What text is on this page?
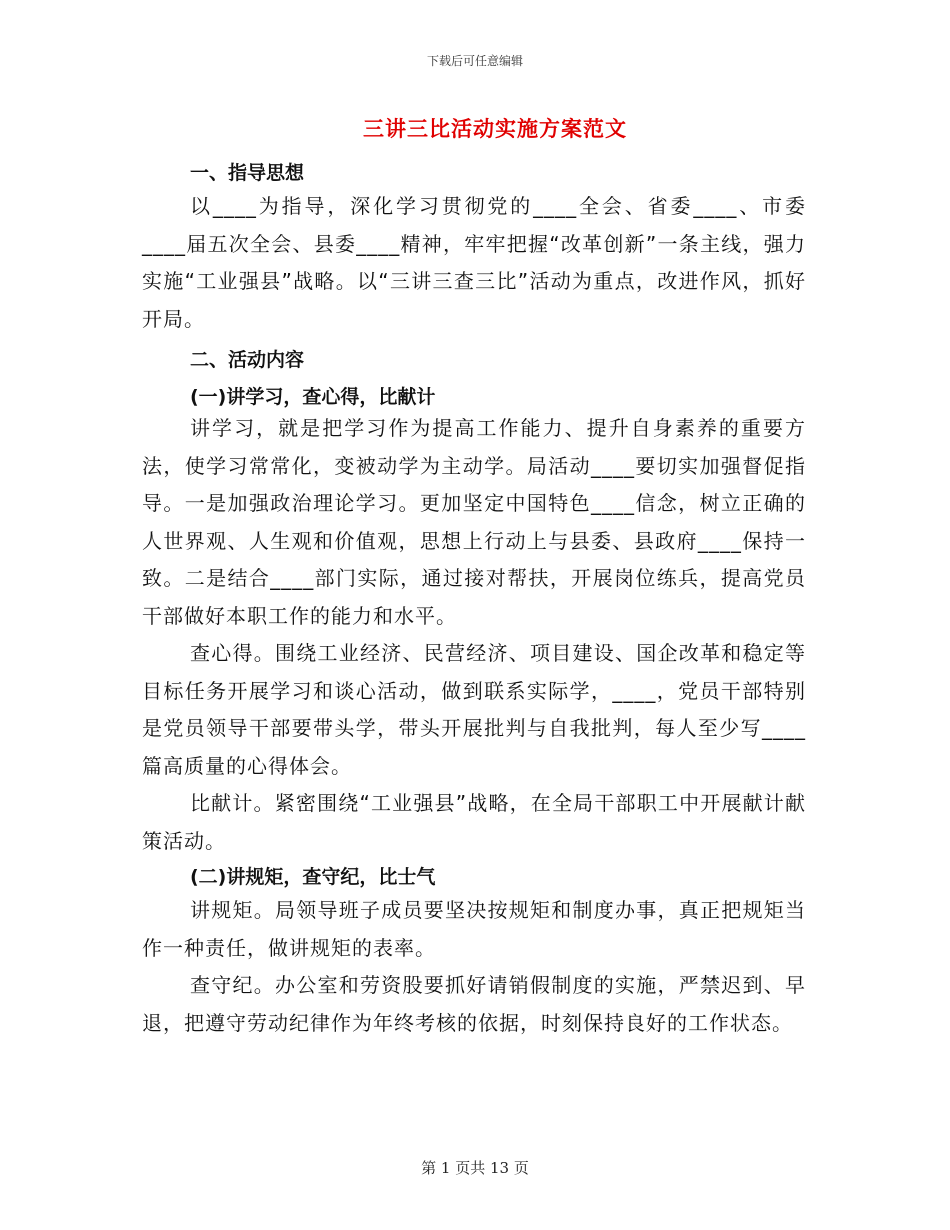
下载后可任意编辑
三讲三比活动实施方案范文
一、指导思想

以____为指导，深化学习贯彻党的____全会、省委____、市委____届五次全会、县委____精神，牢牢把握“改革创新”一条主线，强力实施“工业强县”战略。以“三讲三查三比”活动为重点，改进作风，抓好开局。

二、活动内容
(一)讲学习，查心得，比献计

讲学习，就是把学习作为提高工作能力、提升自身素养的重要方法，使学习常常化，变被动学为主动学。局活动____要切实加强督促指导。一是加强政治理论学习。更加坚定中国特色____信念，树立正确的人世界观、人生观和价值观，思想上行动上与县委、县政府____保持一致。二是结合____部门实际，通过接对帮扶，开展岗位练兵，提高党员干部做好本职工作的能力和水平。

查心得。围绕工业经济、民营经济、项目建设、国企改革和稳定等目标任务开展学习和谈心活动，做到联系实际学，____，党员干部特别是党员领导干部要带头学，带头开展批判与自我批判，每人至少写____篇高质量的心得体会。

比献计。紧密围绕“工业强县”战略，在全局干部职工中开展献计献策活动。

(二)讲规矩，查守纪，比士气

讲规矩。局领导班子成员要坚决按规矩和制度办事，真正把规矩当作一种责任，做讲规矩的表率。

查守纪。办公室和劳资股要抓好请销假制度的实施，严禁迟到、早退，把遵守劳动纪律作为年终考核的依据，时刻保持良好的工作状态。

第 1 页共 13 页
